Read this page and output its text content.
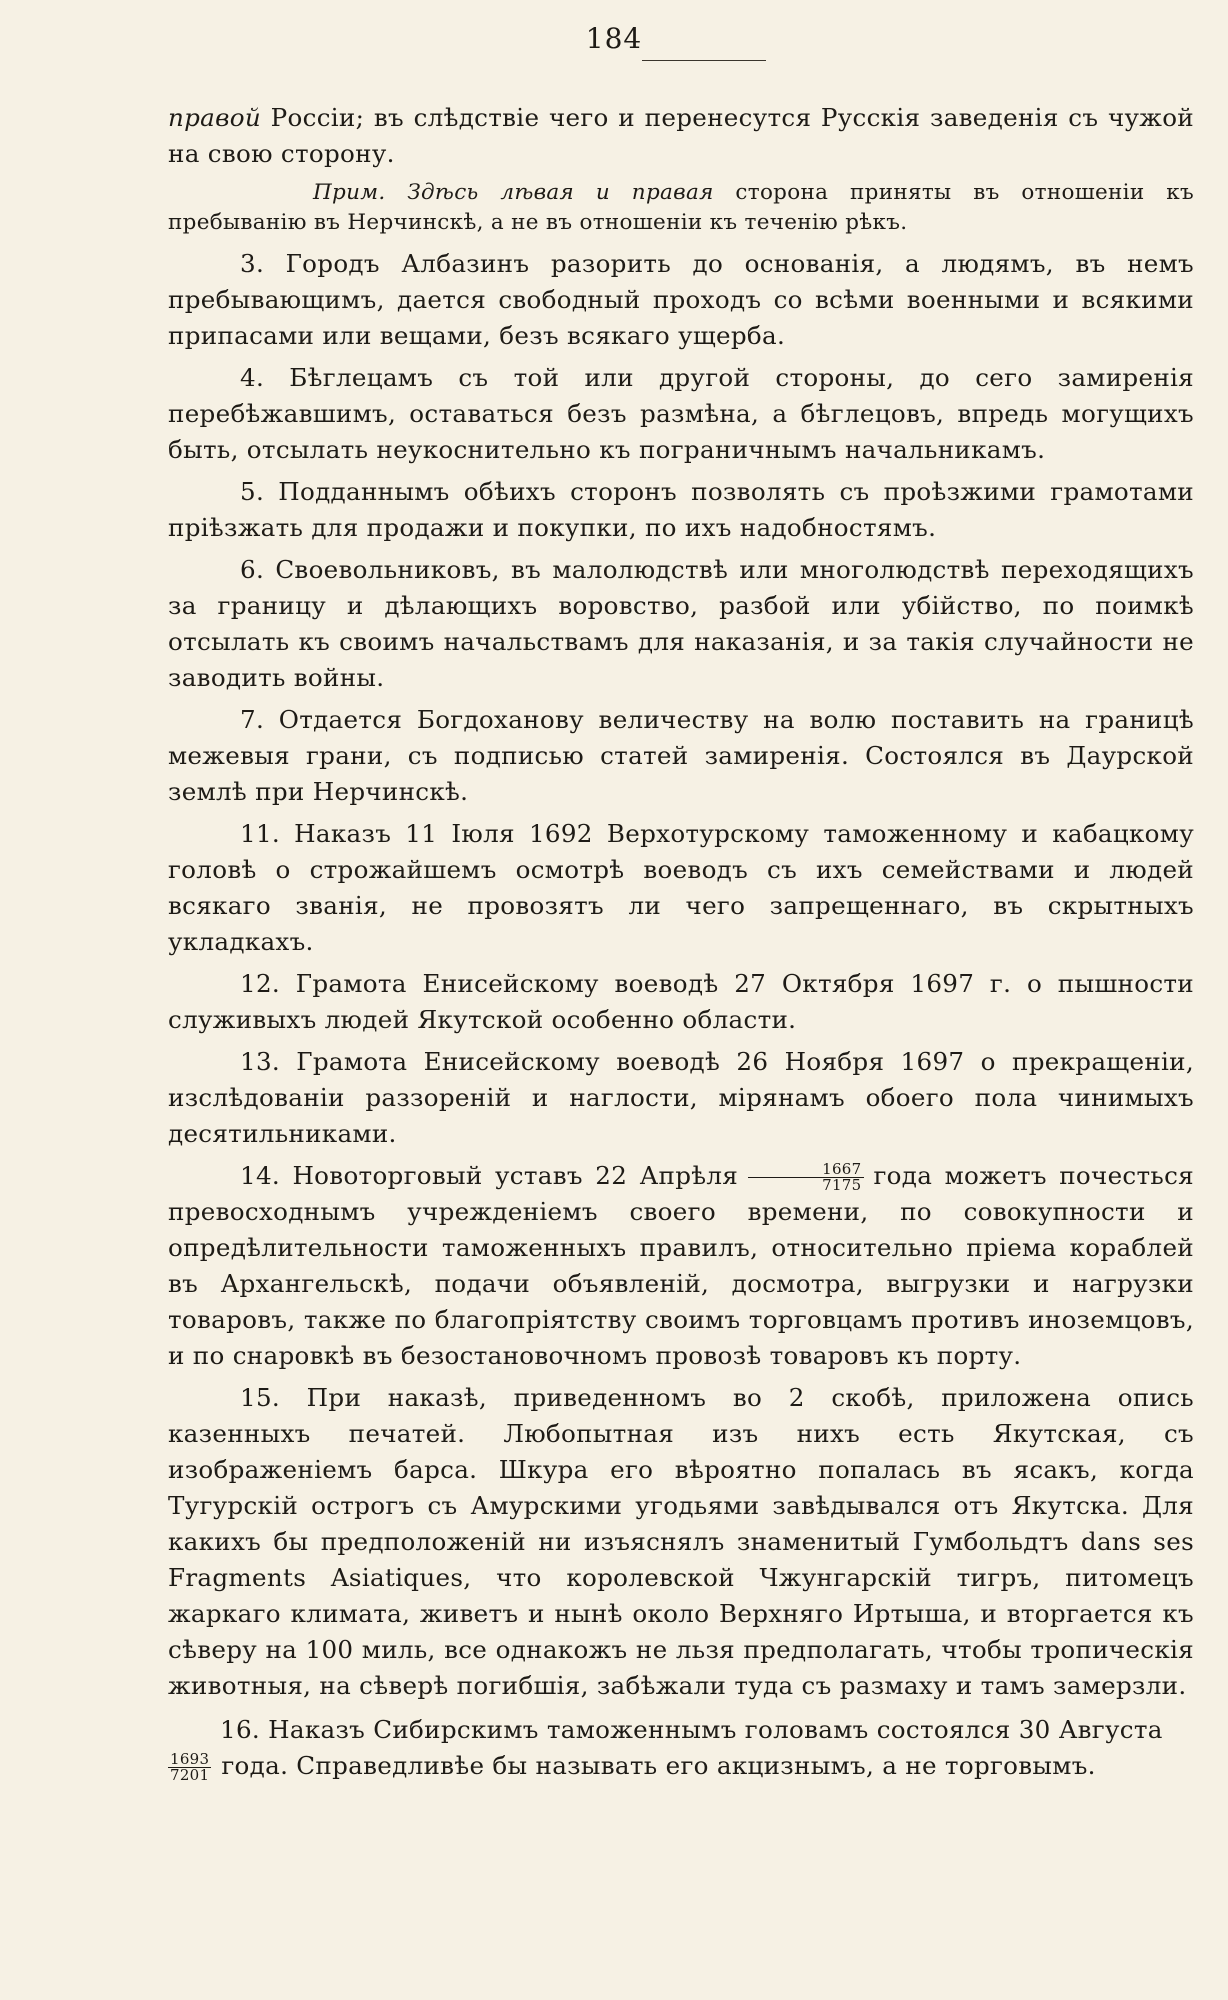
184

правой Россіи; въ слѣдствіе чего и перенесутся Русскія заведенія съ чужой на свою сторону.

Прим. Здѣсь лѣвая и правая сторона приняты въ отношеніи къ пребыванію въ Нерчинскѣ, а не въ отношеніи къ теченію рѣкъ.

3. Городъ Албазинъ разорить до основанія, а людямъ, въ немъ пребывающимъ, дается свободный проходъ со всѣми военными и всякими припасами или вещами, безъ всякаго ущерба.

4. Бѣглецамъ съ той или другой стороны, до сего замиренія перебѣжавшимъ, оставаться безъ размѣна, а бѣглецовъ, впредь могущихъ быть, отсылать неукоснительно къ пограничнымъ начальникамъ.

5. Подданнымъ обѣихъ сторонъ позволять съ проѣзжими грамотами пріѣзжать для продажи и покупки, по ихъ надобностямъ.

6. Своевольниковъ, въ малолюдствѣ или многолюдствѣ переходящихъ за границу и дѣлающихъ воровство, разбой или убійство, по поимкѣ отсылать къ своимъ начальствамъ для наказанія, и за такія случайности не заводить войны.

7. Отдается Богдоханову величеству на волю поставить на границѣ межевыя грани, съ подписью статей замиренія. Состоялся въ Даурской землѣ при Нерчинскѣ.

11. Наказъ 11 Іюля 1692 Верхотурскому таможенному и кабацкому головѣ о строжайшемъ осмотрѣ воеводъ съ ихъ семействами и людей всякаго званія, не провозятъ ли чего запрещеннаго, въ скрытныхъ укладкахъ.

12. Грамота Енисейскому воеводѣ 27 Октября 1697 г. о пышности служивыхъ людей Якутской особенно области.

13. Грамота Енисейскому воеводѣ 26 Ноября 1697 о прекращеніи, изслѣдованіи раззореній и наглости, мірянамъ обоего пола чинимыхъ десятильниками.

14. Новоторговый уставъ 22 Апрѣля $\frac{1667}{7175}$ года можетъ почесться превосходнымъ учрежденіемъ своего времени, по совокупности и опредѣлительности таможенныхъ правилъ, относительно пріема кораблей въ Архангельскѣ, подачи объявленій, досмотра, выгрузки и нагрузки товаровъ, также по благопріятству своимъ торговцамъ противъ иноземцовъ, и по снаровкѣ въ безостановочномъ провозѣ товаровъ къ порту.

15. При наказѣ, приведенномъ во 2 скобѣ, приложена опись казенныхъ печатей. Любопытная изъ нихъ есть Якутская, съ изображеніемъ барса. Шкура его вѣроятно попалась въ ясакъ, когда Тугурскій острогъ съ Амурскими угодьями завѣдывался отъ Якутска. Для какихъ бы предположеній ни изъяснялъ знаменитый Гумбольдтъ dans ses Fragments Asiatiques, что королевской Чжунгарскій тигръ, питомецъ жаркаго климата, живетъ и нынѣ около Верхняго Иртыша, и вторгается къ сѣверу на 100 миль, все однакожъ не льзя предполагать, чтобы тропическія животныя, на сѣверѣ погибшія, забѣжали туда съ размаху и тамъ замерзли.

16. Наказъ Сибирскимъ таможеннымъ головамъ состоялся 30 Августа
$\frac{1693}{7201}$ года. Справедливѣе бы называть его акцизнымъ, а не торговымъ.
